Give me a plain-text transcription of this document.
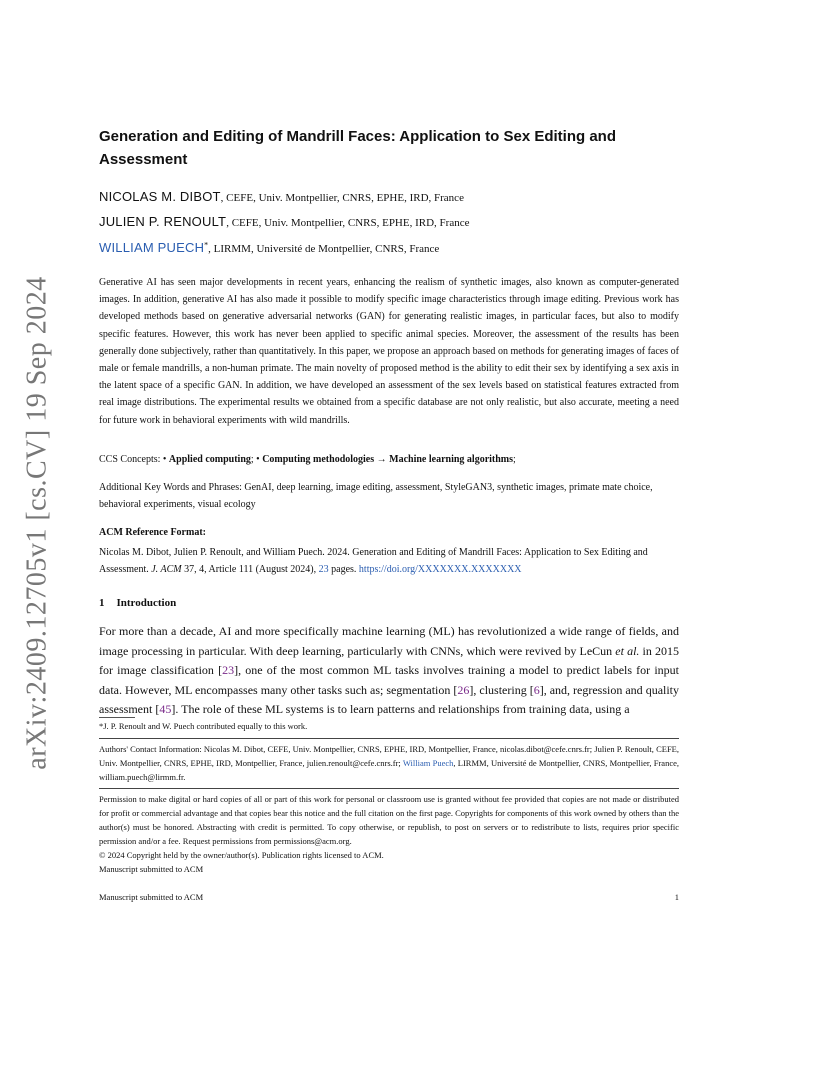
arXiv:2409.12705v1 [cs.CV] 19 Sep 2024
Generation and Editing of Mandrill Faces: Application to Sex Editing and Assessment
NICOLAS M. DIBOT, CEFE, Univ. Montpellier, CNRS, EPHE, IRD, France
JULIEN P. RENOULT, CEFE, Univ. Montpellier, CNRS, EPHE, IRD, France
WILLIAM PUECH*, LIRMM, Université de Montpellier, CNRS, France

Generative AI has seen major developments in recent years, enhancing the realism of synthetic images, also known as computer-generated images. In addition, generative AI has also made it possible to modify specific image characteristics through image editing. Previous work has developed methods based on generative adversarial networks (GAN) for generating realistic images, in particular faces, but also to modify specific features. However, this work has never been applied to specific animal species. Moreover, the assessment of the results has been generally done subjectively, rather than quantitatively. In this paper, we propose an approach based on methods for generating images of faces of male or female mandrills, a non-human primate. The main novelty of proposed method is the ability to edit their sex by identifying a sex axis in the latent space of a specific GAN. In addition, we have developed an assessment of the sex levels based on statistical features extracted from real image distributions. The experimental results we obtained from a specific database are not only realistic, but also accurate, meeting a need for future work in behavioral experiments with wild mandrills.

CCS Concepts: • Applied computing; • Computing methodologies → Machine learning algorithms;

Additional Key Words and Phrases: GenAI, deep learning, image editing, assessment, StyleGAN3, synthetic images, primate mate choice, behavioral experiments, visual ecology

ACM Reference Format:

Nicolas M. Dibot, Julien P. Renoult, and William Puech. 2024. Generation and Editing of Mandrill Faces: Application to Sex Editing and Assessment. J. ACM 37, 4, Article 111 (August 2024), 23 pages. https://doi.org/XXXXXXX.XXXXXXX

1 Introduction

For more than a decade, AI and more specifically machine learning (ML) has revolutionized a wide range of fields, and image processing in particular. With deep learning, particularly with CNNs, which were revived by LeCun et al. in 2015 for image classification [23], one of the most common ML tasks involves training a model to predict labels for input data. However, ML encompasses many other tasks such as; segmentation [26], clustering [6], and, regression and quality assessment [45]. The role of these ML systems is to learn patterns and relationships from training data, using a

*J. P. Renoult and W. Puech contributed equally to this work.

Authors' Contact Information: Nicolas M. Dibot, CEFE, Univ. Montpellier, CNRS, EPHE, IRD, Montpellier, France, nicolas.dibot@cefe.cnrs.fr; Julien P. Renoult, CEFE, Univ. Montpellier, CNRS, EPHE, IRD, Montpellier, France, julien.renoult@cefe.cnrs.fr; William Puech, LIRMM, Université de Montpellier, CNRS, Montpellier, France, william.puech@lirmm.fr.

Permission to make digital or hard copies of all or part of this work for personal or classroom use is granted without fee provided that copies are not made or distributed for profit or commercial advantage and that copies bear this notice and the full citation on the first page. Copyrights for components of this work owned by others than the author(s) must be honored. Abstracting with credit is permitted. To copy otherwise, or republish, to post on servers or to redistribute to lists, requires prior specific permission and/or a fee. Request permissions from permissions@acm.org.

© 2024 Copyright held by the owner/author(s). Publication rights licensed to ACM.

Manuscript submitted to ACM

Manuscript submitted to ACM	1
